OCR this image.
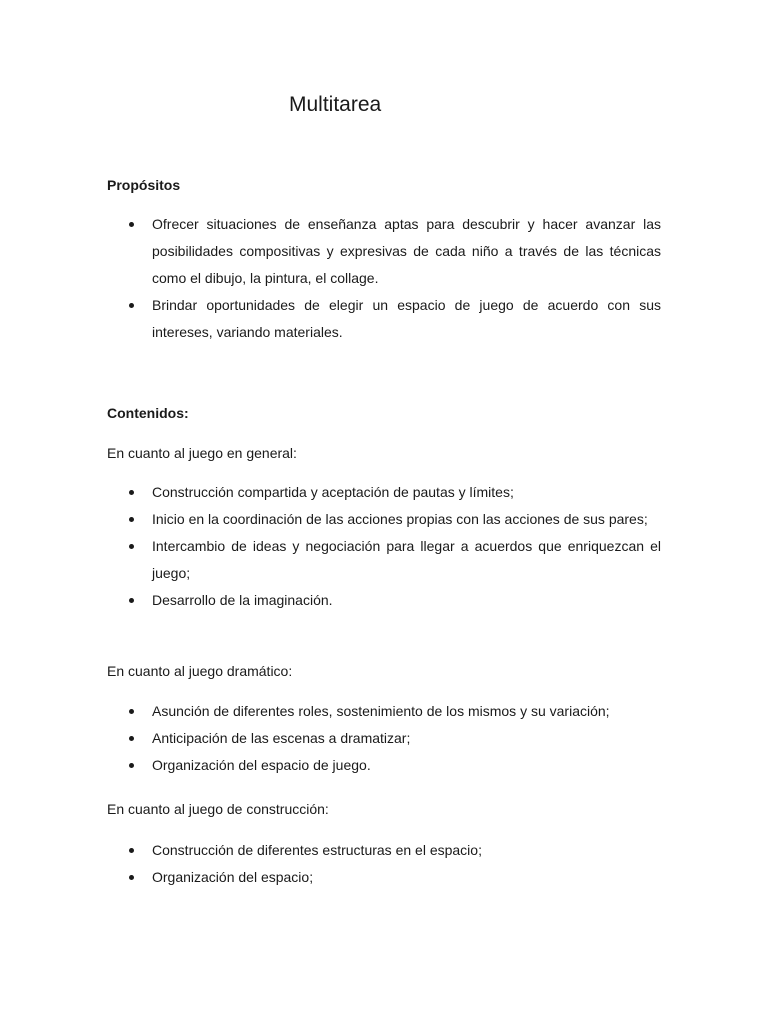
Multitarea
Propósitos
Ofrecer situaciones de enseñanza aptas para descubrir y hacer avanzar las posibilidades compositivas y expresivas de cada niño a través de las técnicas como el dibujo, la pintura, el collage.
Brindar oportunidades de elegir un espacio de juego de acuerdo con sus intereses, variando materiales.
Contenidos:

En cuanto al juego en general:

Construcción compartida y aceptación de pautas y límites;
Inicio en la coordinación de las acciones propias con las acciones de sus pares;
Intercambio de ideas y negociación para llegar a acuerdos que enriquezcan el juego;
Desarrollo de la imaginación.

En cuanto al juego dramático:

Asunción de diferentes roles, sostenimiento de los mismos y su variación;
Anticipación de las escenas a dramatizar;
Organización del espacio de juego.

En cuanto al juego de construcción:

Construcción de diferentes estructuras en el espacio;
Organización del espacio;
